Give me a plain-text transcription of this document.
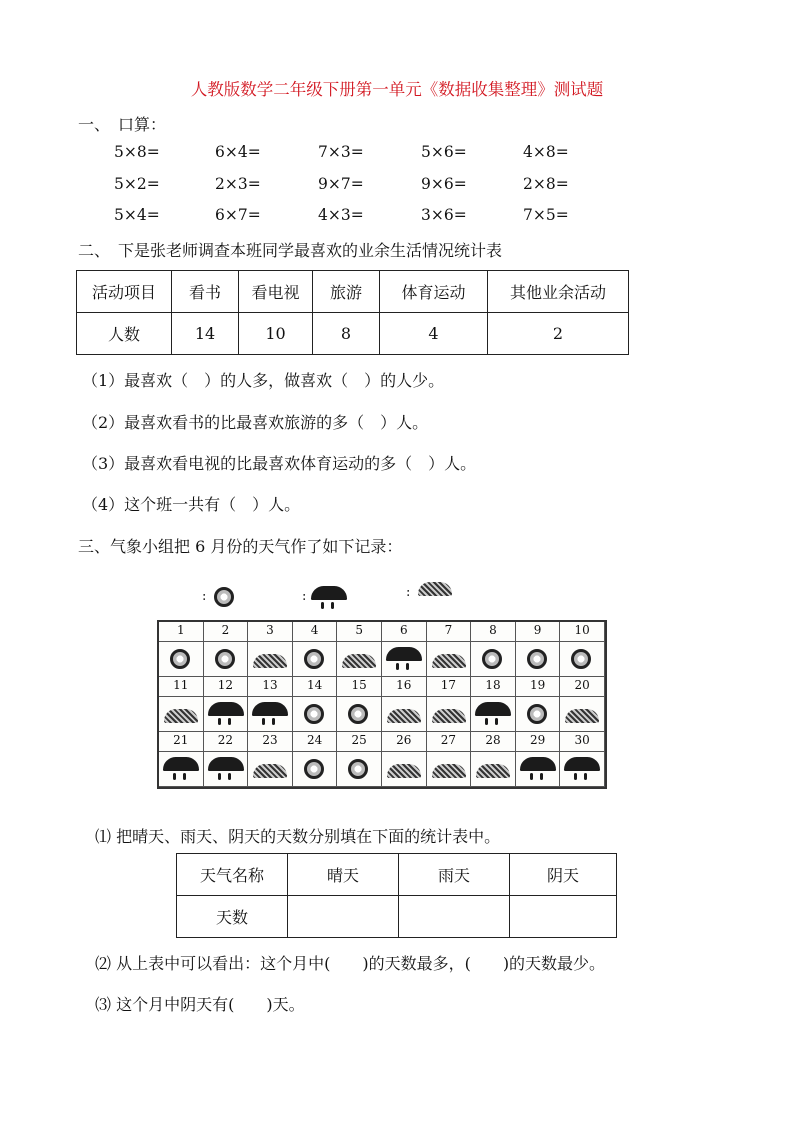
人教版数学二年级下册第一单元《数据收集整理》测试题
一、　口算：
5×8=	6×4=	7×3=	5×6=	4×8=
5×2=	2×3=	9×7=	9×6=	2×8=
5×4=	6×7=	4×3=	3×6=	7×5=
二、　下是张老师调查本班同学最喜欢的业余生活情况统计表
活动项目	看书	看电视	旅游	体育运动	其他业余活动
人数	14	10	8	4	2
（1）最喜欢（　）的人多，做喜欢（　）的人少。
（2）最喜欢看书的比最喜欢旅游的多（　）人。
（3）最喜欢看电视的比最喜欢体育运动的多（　）人。
（4）这个班一共有（　）人。
三、气象小组把 6 月份的天气作了如下记录：
:	:	:
1	2	3	4	5	6	7	8	9	10
11	12	13	14	15	16	17	18	19	20
21	22	23	24	25	26	27	28	29	30
⑴ 把晴天、雨天、阴天的天数分别填在下面的统计表中。
天气名称	晴天	雨天	阴天
天数			
⑵ 从上表中可以看出：这个月中(　　)的天数最多，(　　)的天数最少。
⑶ 这个月中阴天有(　　)天。
